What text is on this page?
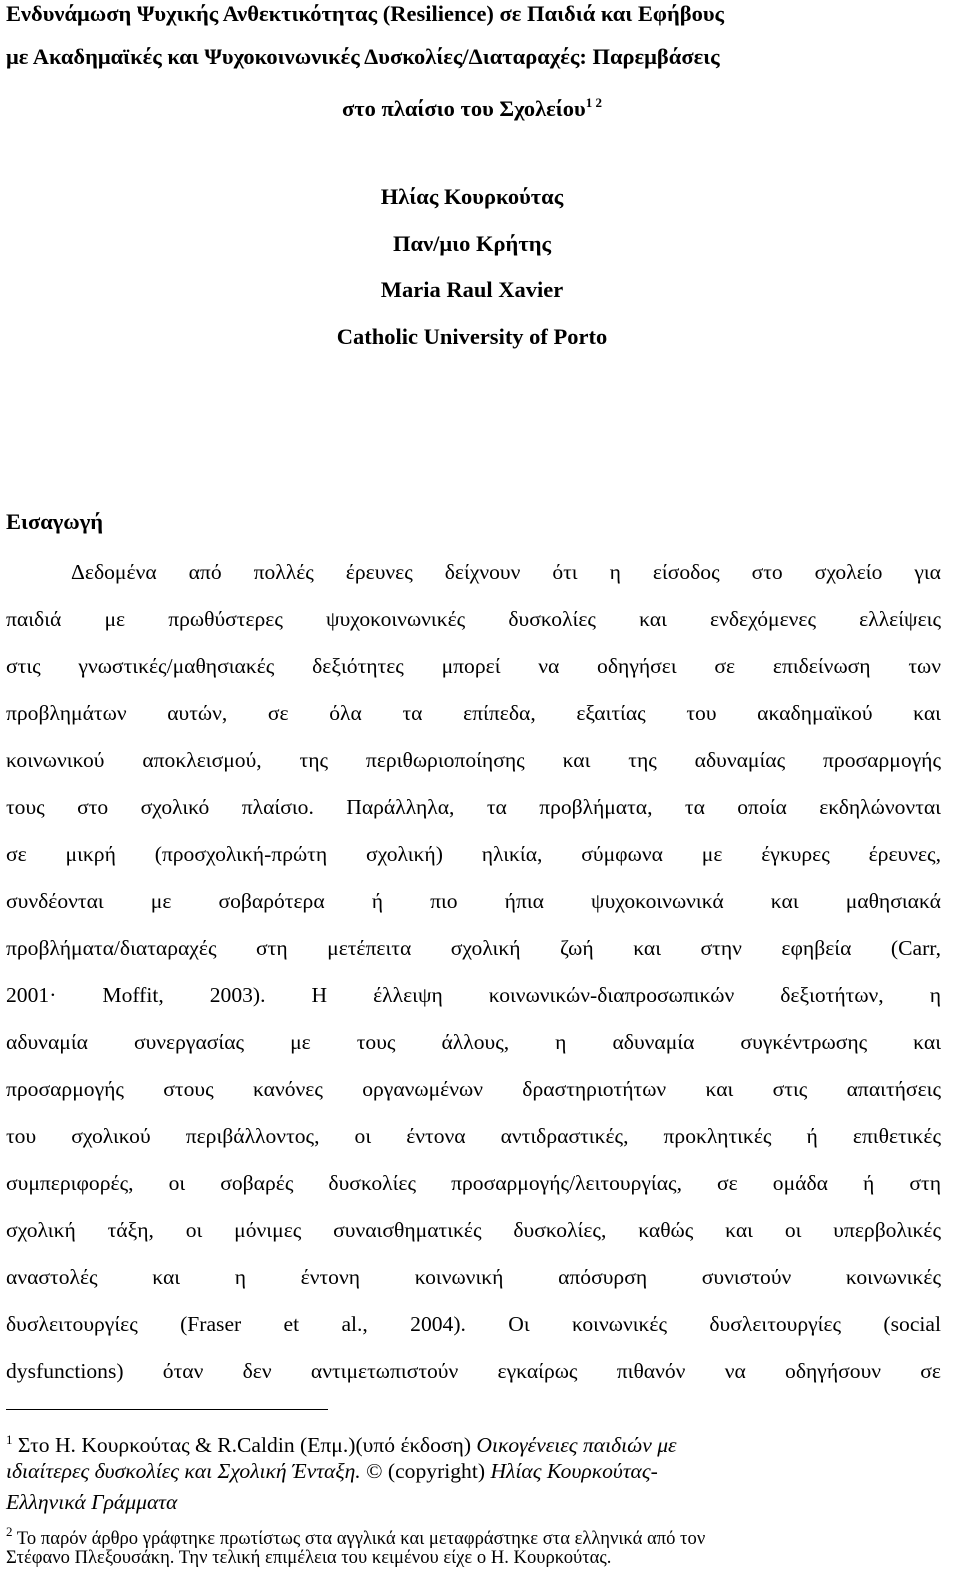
Ενδυνάμωση Ψυχικής Ανθεκτικότητας (Resilience) σε Παιδιά και Εφήβους
με Ακαδημαϊκές και Ψυχοκοινωνικές Δυσκολίες/Διαταραχές: Παρεμβάσεις
στο πλαίσιο του Σχολείου$^{1 2}$
Ηλίας Κουρκούτας
Παν/μιο Κρήτης
Maria Raul Xavier
Catholic University of Porto
Εισαγωγή
Δεδομένα από πολλές έρευνες δείχνουν ότι η είσοδος στο σχολείο για
παιδιά με πρωθύστερες ψυχοκοινωνικές δυσκολίες και ενδεχόμενες ελλείψεις
στις γνωστικές/μαθησιακές δεξιότητες μπορεί να οδηγήσει σε επιδείνωση των
προβλημάτων αυτών, σε όλα τα επίπεδα, εξαιτίας του ακαδημαϊκού και
κοινωνικού αποκλεισμού, της περιθωριοποίησης και της αδυναμίας προσαρμογής
τους στο σχολικό πλαίσιο. Παράλληλα, τα προβλήματα, τα οποία εκδηλώνονται
σε μικρή (προσχολική-πρώτη σχολική) ηλικία, σύμφωνα με έγκυρες έρευνες,
συνδέονται με σοβαρότερα ή πιο ήπια ψυχοκοινωνικά και μαθησιακά
προβλήματα/διαταραχές στη μετέπειτα σχολική ζωή και στην εφηβεία (Carr,
2001· Moffit, 2003). Η έλλειψη κοινωνικών-διαπροσωπικών δεξιοτήτων, η
αδυναμία συνεργασίας με τους άλλους, η αδυναμία συγκέντρωσης και
προσαρμογής στους κανόνες οργανωμένων δραστηριοτήτων και στις απαιτήσεις
του σχολικού περιβάλλοντος, οι έντονα αντιδραστικές, προκλητικές ή επιθετικές
συμπεριφορές, οι σοβαρές δυσκολίες προσαρμογής/λειτουργίας, σε ομάδα ή στη
σχολική τάξη, οι μόνιμες συναισθηματικές δυσκολίες, καθώς και οι υπερβολικές
αναστολές και η έντονη κοινωνική απόσυρση συνιστούν κοινωνικές
δυσλειτουργίες (Fraser et al., 2004). Οι κοινωνικές δυσλειτουργίες (social
dysfunctions) όταν δεν αντιμετωπιστούν εγκαίρως πιθανόν να οδηγήσουν σε
$^1$ Στο Η. Κουρκούτας & R.Caldin (Επμ.)(υπό έκδοση) Οικογένειες παιδιών με
ιδιαίτερες δυσκολίες και Σχολική Ένταξη. © (copyright) Ηλίας Κουρκούτας-
Ελληνικά Γράμματα
$^2$ Το παρόν άρθρο γράφτηκε πρωτίστως στα αγγλικά και μεταφράστηκε στα ελληνικά από τον
Στέφανο Πλεξουσάκη. Την τελική επιμέλεια του κειμένου είχε ο Η. Κουρκούτας.
